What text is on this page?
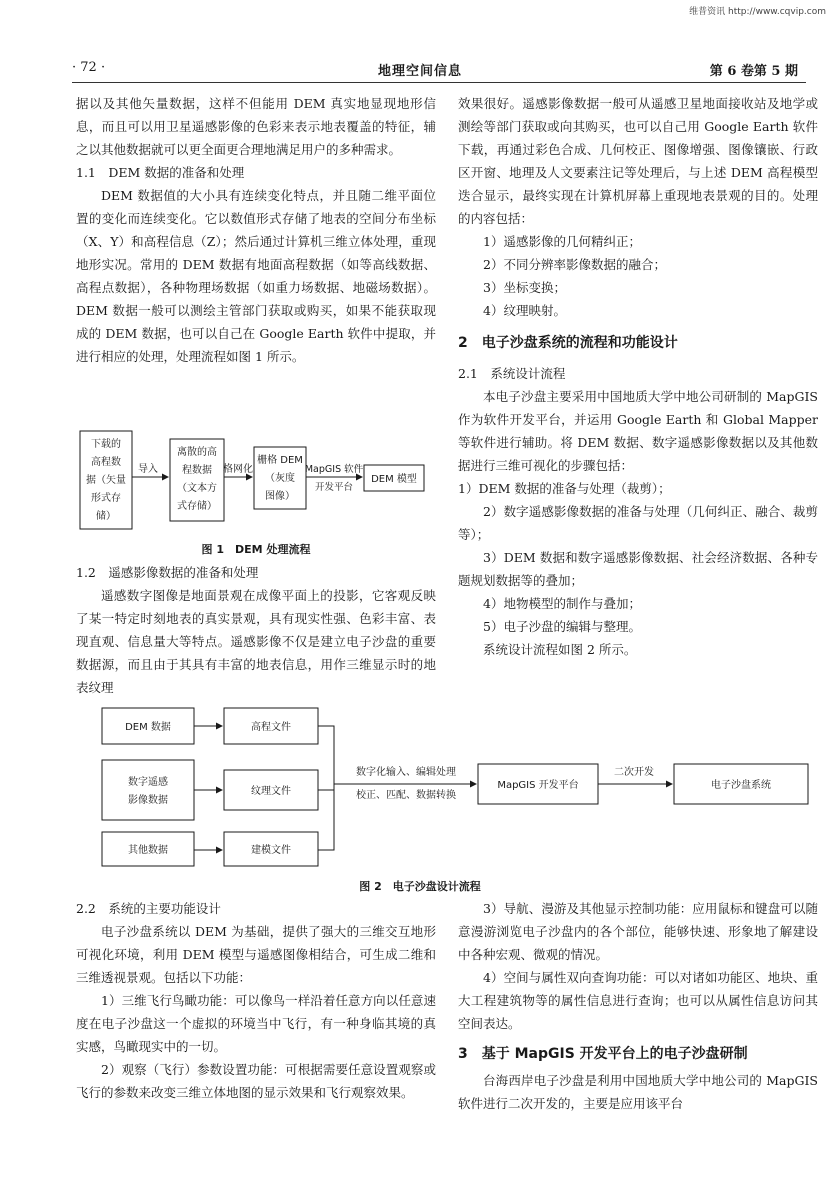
维普资讯 http://www.cqvip.com
· 72 ·	地理空间信息	第 6 卷第 5 期

据以及其他矢量数据，这样不但能用 DEM 真实地显现地形信息，而且可以用卫星遥感影像的色彩来表示地表覆盖的特征，辅之以其他数据就可以更全面更合理地满足用户的多种需求。

1.1　DEM 数据的准备和处理

DEM 数据值的大小具有连续变化特点，并且随二维平面位置的变化而连续变化。它以数值形式存储了地表的空间分布坐标（X、Y）和高程信息（Z）；然后通过计算机三维立体处理，重现地形实况。常用的 DEM 数据有地面高程数据（如等高线数据、高程点数据），各种物理场数据（如重力场数据、地磁场数据）。DEM 数据一般可以测绘主管部门获取或购买，如果不能获取现成的 DEM 数据，也可以自己在 Google Earth 软件中提取，并进行相应的处理，处理流程如图 1 所示。

下载的
高程数
据（矢量
形式存
储）
导入
离散的高
程数据
（文本方
式存储）
格网化
栅格 DEM
（灰度
图像）
MapGIS 软件
开发平台
DEM 模型
图 1　DEM 处理流程

1.2　遥感影像数据的准备和处理

遥感数字图像是地面景观在成像平面上的投影，它客观反映了某一特定时刻地表的真实景观，具有现实性强、色彩丰富、表现直观、信息量大等特点。遥感影像不仅是建立电子沙盘的重要数据源，而且由于其具有丰富的地表信息，用作三维显示时的地表纹理

效果很好。遥感影像数据一般可从遥感卫星地面接收站及地学或测绘等部门获取或向其购买，也可以自己用 Google Earth 软件下载，再通过彩色合成、几何校正、图像增强、图像镶嵌、行政区开窗、地理及人文要素注记等处理后，与上述 DEM 高程模型迭合显示，最终实现在计算机屏幕上重现地表景观的目的。处理的内容包括：

1）遥感影像的几何精纠正；

2）不同分辨率影像数据的融合；

3）坐标变换；

4）纹理映射。

2　电子沙盘系统的流程和功能设计

2.1　系统设计流程

本电子沙盘主要采用中国地质大学中地公司研制的 MapGIS 作为软件开发平台，并运用 Google Earth 和 Global Mapper 等软件进行辅助。将 DEM 数据、数字遥感影像数据以及其他数据进行三维可视化的步骤包括：

1）DEM 数据的准备与处理（裁剪）；

2）数字遥感影像数据的准备与处理（几何纠正、融合、裁剪等）；

3）DEM 数据和数字遥感影像数据、社会经济数据、各种专题规划数据等的叠加；

4）地物模型的制作与叠加；

5）电子沙盘的编辑与整理。

系统设计流程如图 2 所示。

DEM 数据
数字遥感
影像数据
其他数据
高程文件
纹理文件
建模文件
数字化输入、编辑处理
校正、匹配、数据转换
MapGIS 开发平台
二次开发
电子沙盘系统
图 2　电子沙盘设计流程

2.2　系统的主要功能设计

电子沙盘系统以 DEM 为基础，提供了强大的三维交互地形可视化环境，利用 DEM 模型与遥感图像相结合，可生成二维和三维透视景观。包括以下功能：

1）三维飞行鸟瞰功能：可以像鸟一样沿着任意方向以任意速度在电子沙盘这一个虚拟的环境当中飞行，有一种身临其境的真实感，鸟瞰现实中的一切。

2）观察（飞行）参数设置功能：可根据需要任意设置观察或飞行的参数来改变三维立体地图的显示效果和飞行观察效果。

3）导航、漫游及其他显示控制功能：应用鼠标和键盘可以随意漫游浏览电子沙盘内的各个部位，能够快速、形象地了解建设中各种宏观、微观的情况。

4）空间与属性双向查询功能：可以对诸如功能区、地块、重大工程建筑物等的属性信息进行查询；也可以从属性信息访问其空间表达。

3　基于 MapGIS 开发平台上的电子沙盘研制

台海西岸电子沙盘是利用中国地质大学中地公司的 MapGIS 软件进行二次开发的，主要是应用该平台
